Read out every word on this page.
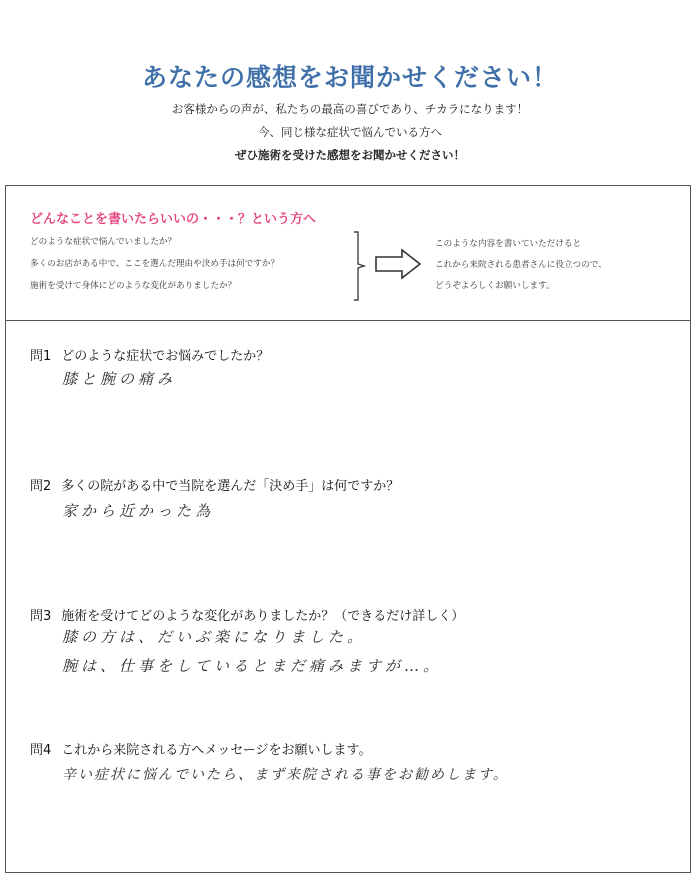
あなたの感想をお聞かせください！
お客様からの声が、私たちの最高の喜びであり、チカラになります！
今、同じ様な症状で悩んでいる方へ
ぜひ施術を受けた感想をお聞かせください！
どんなことを書いたらいいの・・・？という方へ
どのような症状で悩んでいましたか？
多くのお店がある中で、ここを選んだ理由や決め手は何ですか？
施術を受けて身体にどのような変化がありましたか？
このような内容を書いていただけると
これから来院される患者さんに役立つので、
どうぞよろしくお願いします。
問1 どのような症状でお悩みでしたか？
膝と腕の痛み
問2 多くの院がある中で当院を選んだ「決め手」は何ですか？
家から近かった為
問3 施術を受けてどのような変化がありましたか？（できるだけ詳しく）
膝の方は、だいぶ楽になりました。
腕は、仕事をしているとまだ痛みますが…。
問4 これから来院される方へメッセージをお願いします。
辛い症状に悩んでいたら、まず来院される事をお勧めします。
